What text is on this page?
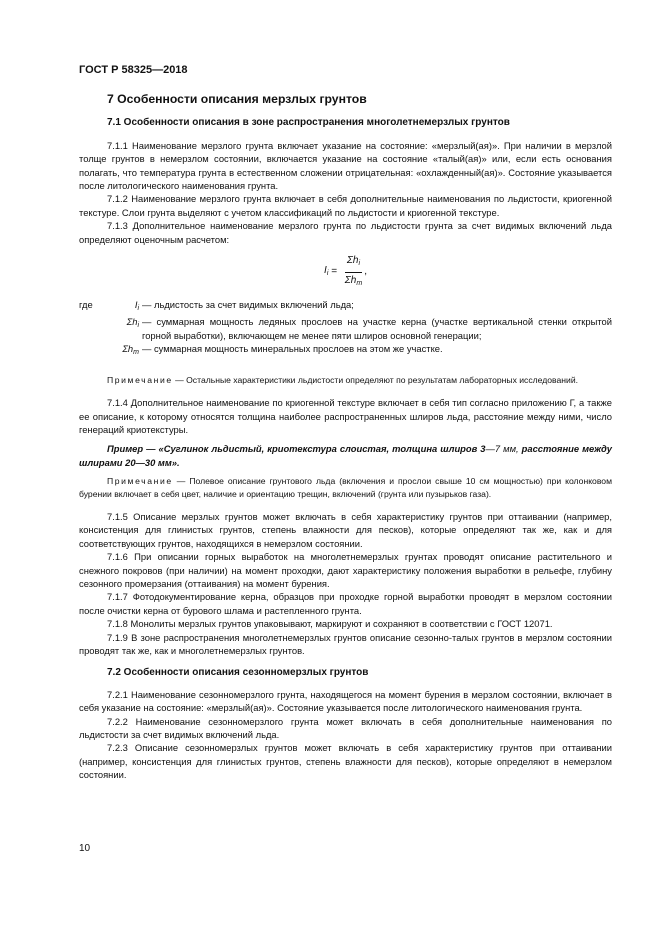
ГОСТ Р 58325—2018
7 Особенности описания мерзлых грунтов
7.1 Особенности описания в зоне распространения многолетнемерзлых грунтов

7.1.1 Наименование мерзлого грунта включает указание на состояние: «мерзлый(ая)». При наличии в мерзлой толще грунтов в немерзлом состоянии, включается указание на состояние «талый(ая)» или, если есть основания полагать, что температура грунта в естественном сложении отрицательная: «охлажденный(ая)». Состояние указывается после литологического наименования грунта.

7.1.2 Наименование мерзлого грунта включает в себя дополнительные наименования по льдистости, криогенной текстуре. Слои грунта выделяют с учетом классификаций по льдистости и криогенной текстуре.

7.1.3 Дополнительное наименование мерзлого грунта по льдистости грунта за счет видимых включений льда определяют оценочным расчетом:

$I_i = \frac{\Sigma h_i}{\Sigma h_m}$ ,
где	$I_i$ — льдистость за счет видимых включений льда;
$\Sigma h_i$ — суммарная мощность ледяных прослоев на участке керна (участке вертикальной стенки открытой горной выработки), включающем не менее пяти шлиров основной генерации;
$\Sigma h_m$ — суммарная мощность минеральных прослоев на этом же участке.

Примечание — Остальные характеристики льдистости определяют по результатам лабораторных исследований.

7.1.4 Дополнительное наименование по криогенной текстуре включает в себя тип согласно приложению Г, а также ее описание, к которому относятся толщина наиболее распространенных шлиров льда, расстояние между ними, число генераций криотекстуры.

Пример — «Суглинок льдистый, криотекстура слоистая, толщина шлиров 3—7 мм, расстояние между шлирами 20—30 мм».

Примечание — Полевое описание грунтового льда (включения и прослои свыше 10 см мощностью) при колонковом бурении включает в себя цвет, наличие и ориентацию трещин, включений (грунта или пузырьков газа).

7.1.5 Описание мерзлых грунтов может включать в себя характеристику грунтов при оттаивании (например, консистенция для глинистых грунтов, степень влажности для песков), которые определяют так же, как и для соответствующих грунтов, находящихся в немерзлом состоянии.

7.1.6 При описании горных выработок на многолетнемерзлых грунтах проводят описание растительного и снежного покровов (при наличии) на момент проходки, дают характеристику положения выработки в рельефе, глубину сезонного промерзания (оттаивания) на момент бурения.

7.1.7 Фотодокументирование керна, образцов при проходке горной выработки проводят в мерзлом состоянии после очистки керна от бурового шлама и растепленного грунта.

7.1.8 Монолиты мерзлых грунтов упаковывают, маркируют и сохраняют в соответствии с ГОСТ 12071.

7.1.9 В зоне распространения многолетнемерзлых грунтов описание сезонно-талых грунтов в мерзлом состоянии проводят так же, как и многолетнемерзлых грунтов.

7.2 Особенности описания сезонномерзлых грунтов

7.2.1 Наименование сезонномерзлого грунта, находящегося на момент бурения в мерзлом состоянии, включает в себя указание на состояние: «мерзлый(ая)». Состояние указывается после литологического наименования грунта.

7.2.2 Наименование сезонномерзлого грунта может включать в себя дополнительные наименования по льдистости за счет видимых включений льда.

7.2.3 Описание сезонномерзлых грунтов может включать в себя характеристику грунтов при оттаивании (например, консистенция для глинистых грунтов, степень влажности для песков), которые определяют в немерзлом состоянии.

10
